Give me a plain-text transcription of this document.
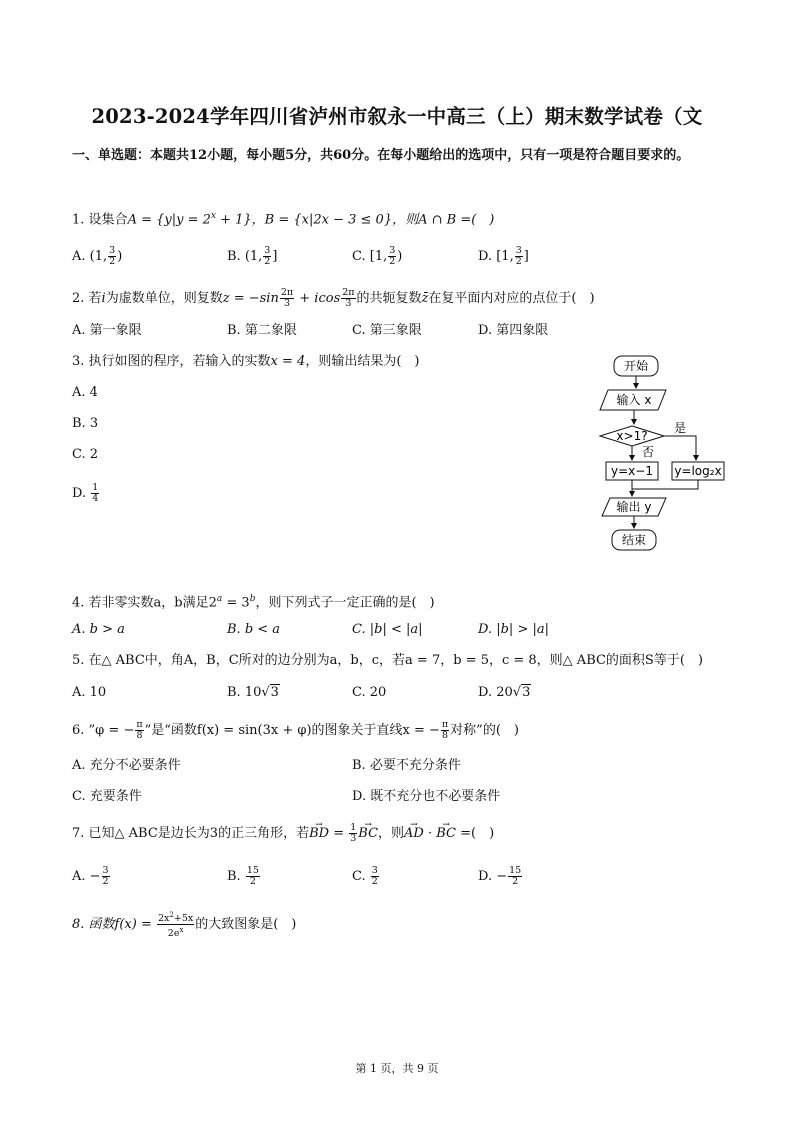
2023-2024学年四川省泸州市叙永一中高三（上）期末数学试卷（文
一、单选题：本题共12小题，每小题5分，共60分。在每小题给出的选项中，只有一项是符合题目要求的。
1. 设集合$A = \{y|y = 2^x + 1\}$，B = {x|2x − 3 ≤ 0}，则A ∩ B =(　)
A. (1, $\frac{3}{2}$ )	B. (1, $\frac{3}{2}$ ]	C. [1, $\frac{3}{2}$ )	D. [1, $\frac{3}{2}$ ]
2. 若i为虚数单位，则复数$z = -\sin \frac{2\pi}{3} + icos \frac{2\pi}{3}$ 的共轭复数z̄在复平面内对应的点位于(　)
A. 第一象限	B. 第二象限	C. 第三象限	D. 第四象限
3. 执行如图的程序，若输入的实数x = 4，则输出结果为(　)
A. 4
B. 3
C. 2
D. $\frac{1}{4}$
开始
输入 x
x>1?
是
否
y=x−1 y=log₂x
输出 y
结束
4. 若非零实数a，b满足$2^a = 3^b$，则下列式子一定正确的是(　)
A. b > a	B. b < a	C. |b| < |a|	D. |b| > |a|
5. 在△ ABC中，角A，B，C所对的边分别为a，b，c，若a = 7，b = 5，c = 8，则△ ABC的面积S等于(　)
A. 10	B. 10√3	C. 20	D. 20√3
6. ”φ = − $\frac{\pi}{8}$ ”是“函数f(x) = sin(3x + φ)的图象关于直线x = − $\frac{\pi}{8}$ 对称”的(　)
A. 充分不必要条件	B. 必要不充分条件
C. 充要条件	D. 既不充分也不必要条件
7. 已知△ ABC是边长为3的正三角形，若→ BD = $\frac{1}{3}$
→ BC，则→ AD · → BC =(　)
A. − $\frac{3}{2}$	B. $\frac{15}{2}$	C. $\frac{3}{2}$	D. − $\frac{15}{2}$
8. 函数$f(x) = \frac{2x^2+5x}{2e^x}$ 的大致图象是(　)
第 1 页，共 9 页
